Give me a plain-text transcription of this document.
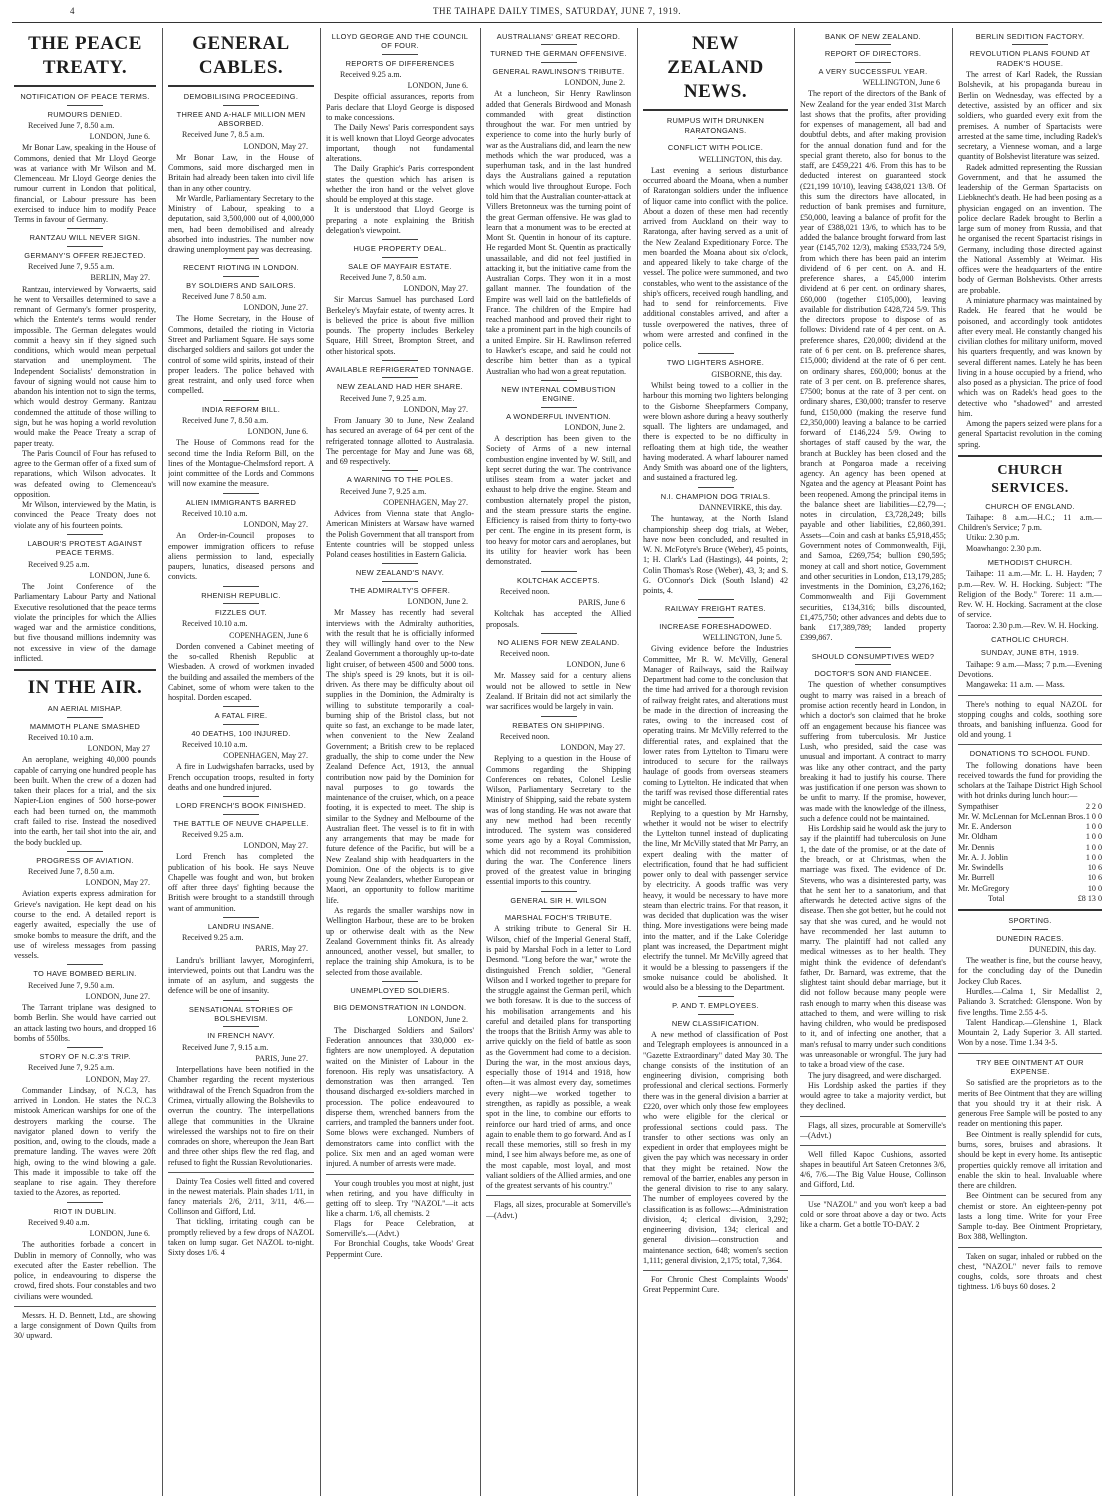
4	THE TAIHAPE DAILY TIMES, SATURDAY, JUNE 7, 1919.
THE PEACE TREATY.
NOTIFICATION OF PEACE TERMS.
RUMOURS DENIED.
Received June 7, 8.50 a.m.
LONDON, June 6.

Mr Bonar Law, speaking in the House of Commons, denied that Mr Lloyd George was at variance with Mr Wilson and M. Clemenceau. Mr Lloyd George denies the rumour current in London that political, financial, or Labour pressure has been exercised to induce him to modify Peace Terms in favour of Germany.

RANTZAU WILL NEVER SIGN.
GERMANY'S OFFER REJECTED.
Received June 7, 9.55 a.m.
BERLIN, May 27.

Rantzau, interviewed by Vorwaerts, said he went to Versailles determined to save a remnant of Germany's former prosperity, which the Entente's terms would render impossible. The German delegates would commit a heavy sin if they signed such conditions, which would mean perpetual starvation and unemployment. The Independent Socialists' demonstration in favour of signing would not cause him to abandon his intention not to sign the terms, which would destroy Germany. Rantzau condemned the attitude of those willing to sign, but he was hoping a world revolution would make the Peace Treaty a scrap of paper treaty.

The Paris Council of Four has refused to agree to the German offer of a fixed sum of reparations, which Wilson advocates. It was defeated owing to Clemenceau's opposition.

Mr Wilson, interviewed by the Matin, is convinced the Peace Treaty does not violate any of his fourteen points.

LABOUR'S PROTEST AGAINST PEACE TERMS.
Received 9.25 a.m.
LONDON, June 6.

The Joint Conference of the Parliamentary Labour Party and National Executive resolutioned that the peace terms violate the principles for which the Allies waged war and the armistice conditions, but five thousand millions indemnity was not excessive in view of the damage inflicted.

IN THE AIR.
AN AERIAL MISHAP.
MAMMOTH PLANE SMASHED
Received 10.10 a.m.
LONDON, May 27

An aeroplane, weighing 40,000 pounds capable of carrying one hundred people has been built. When the crew of a dozen had taken their places for a trial, and the six Napier-Lion engines of 500 horse-power each had been turned on, the mammoth craft failed to rise. Instead the nosedived into the earth, her tail shot into the air, and the body buckled up.

PROGRESS OF AVIATION.
Received June 7, 8.50 a.m.
LONDON, May 27.

Aviation experts express admiration for Grieve's navigation. He kept dead on his course to the end. A detailed report is eagerly awaited, especially the use of smoke bombs to measure the drift, and the use of wireless messages from passing vessels.

TO HAVE BOMBED BERLIN.
Received June 7, 9.50 a.m.
LONDON, June 27.

The Tarrant triplane was designed to bomb Berlin. She would have carried out an attack lasting two hours, and dropped 16 bombs of 550lbs.

STORY OF N.C.3'S TRIP.
Received June 7, 9.25 a.m.
LONDON, May 27.

Commander Lindsay, of N.C.3, has arrived in London. He states the N.C.3 mistook American warships for one of the destroyers marking the course. The navigator planed down to verify the position, and, owing to the clouds, made a premature landing. The waves were 20ft high, owing to the wind blowing a gale. This made it impossible to take off the seaplane to rise again. They therefore taxied to the Azores, as reported.

RIOT IN DUBLIN.
Received 9.40 a.m.
LONDON, June 6.

The authorities forbade a concert in Dublin in memory of Connolly, who was executed after the Easter rebellion. The police, in endeavouring to disperse the crowd, fired shots. Four constables and two civilians were wounded.

Messrs. H. D. Bennett, Ltd., are showing a large consignment of Down Quilts from 30/ upward.

GENERAL CABLES.
DEMOBILISING PROCEEDING.
THREE AND A-HALF MILLION MEN ABSORBED.
Received June 7, 8.5 a.m.
LONDON, May 27.

Mr Bonar Law, in the House of Commons, said more discharged men in Britain had already been taken into civil life than in any other country.

Mr Wardle, Parliamentary Secretary to the Ministry of Labour, speaking to a deputation, said 3,500,000 out of 4,000,000 men, had been demobilised and already absorbed into industries. The number now drawing unemployment pay was decreasing.

RECENT RIOTING IN LONDON.
BY SOLDIERS AND SAILORS.
Received June 7 8.50 a.m.
LONDON, June 27.

The Home Secretary, in the House of Commons, detailed the rioting in Victoria Street and Parliament Square. He says some discharged soldiers and sailors got under the control of some wild spirits, instead of their proper leaders. The police behaved with great restraint, and only used force when compelled.

INDIA REFORM BILL.
Received June 7, 8.50 a.m.
LONDON, June 6.

The House of Commons read for the second time the India Reform Bill, on the lines of the Montague-Chelmsford report. A joint committee of the Lords and Commons will now examine the measure.

ALIEN IMMIGRANTS BARRED
Received 10.10 a.m.
LONDON, May 27.

An Order-in-Council proposes to empower immigration officers to refuse aliens permission to land, especially paupers, lunatics, diseased persons and convicts.

RHENISH REPUBLIC.
FIZZLES OUT.
Received 10.10 a.m.
COPENHAGEN, June 6

Dorden convened a Cabinet meeting of the so-called Rhenish Republic at Wiesbaden. A crowd of workmen invaded the building and assailed the members of the Cabinet, some of whom were taken to the hospital. Dorden escaped.

A FATAL FIRE.
40 DEATHS, 100 INJURED.
Received 10.10 a.m.
COPENHAGEN, May 27.

A fire in Ludwigshafen barracks, used by French occupation troops, resulted in forty deaths and one hundred injured.

LORD FRENCH'S BOOK FINISHED.
THE BATTLE OF NEUVE CHAPELLE.
Received 9.25 a.m.
LONDON, May 27.

Lord French has completed the publication of his book. He says Neuve Chapelle was fought and won, but broken off after three days' fighting because the British were brought to a standstill through want of ammunition.

LANDRU INSANE.
Received 9.25 a.m.
PARIS, May 27.

Landru's brilliant lawyer, Moroginferri, interviewed, points out that Landru was the inmate of an asylum, and suggests the defence will be one of insanity.

SENSATIONAL STORIES OF BOLSHEVISM.
IN FRENCH NAVY.
Received June 7, 9.15 a.m.
PARIS, June 27.

Interpellations have been notified in the Chamber regarding the recent mysterious withdrawal of the French Squadron from the Crimea, virtually allowing the Bolsheviks to overrun the country. The interpellations allege that communities in the Ukraine wirelessed the warships not to fire on their comrades on shore, whereupon the Jean Bart and three other ships flew the red flag, and refused to fight the Russian Revolutionaries.

Dainty Tea Cosies well fitted and covered in the newest materials. Plain shades 1/11, in fancy materials 2/6, 2/11, 3/11, 4/6.—Collinson and Gifford, Ltd.

That tickling, irritating cough can be promptly relieved by a few drops of NAZOL taken on lump sugar. Get NAZOL to-night. Sixty doses 1/6. 4

LLOYD GEORGE AND THE COUNCIL OF FOUR.
REPORTS OF DIFFERENCES
Received 9.25 a.m.
LONDON, June 6.

Despite official assurances, reports from Paris declare that Lloyd George is disposed to make concessions.

The Daily News' Paris correspondent says it is well known that Lloyd George advocates important, though not fundamental alterations.

The Daily Graphic's Paris correspondent states the question which has arisen is whether the iron hand or the velvet glove should be employed at this stage.

It is understood that Lloyd George is preparing a note explaining the British delegation's viewpoint.

HUGE PROPERTY DEAL.
SALE OF MAYFAIR ESTATE.
Received June 7, 8.50 a.m.
LONDON, May 27.

Sir Marcus Samuel has purchased Lord Berkeley's Mayfair estate, of twenty acres. It is believed the price is about five million pounds. The property includes Berkeley Square, Hill Street, Brompton Street, and other historical spots.

AVAILABLE REFRIGERATED TONNAGE.
NEW ZEALAND HAD HER SHARE.
Received June 7, 9.25 a.m.
LONDON, May 27.

From January 30 to June, New Zealand has secured an average of 64 per cent of the refrigerated tonnage allotted to Australasia. The percentage for May and June was 68, and 69 respectively.

A WARNING TO THE POLES.
Received June 7, 9.25 a.m.
COPENHAGEN, May 27.

Advices from Vienna state that Anglo-American Ministers at Warsaw have warned the Polish Government that all transport from Entente countries will be stopped unless Poland ceases hostilities in Eastern Galicia.

NEW ZEALAND'S NAVY.
THE ADMIRALTY'S OFFER.
LONDON, June 2.

Mr Massey has recently had several interviews with the Admiralty authorities, with the result that he is officially informed they will willingly hand over to the New Zealand Government a thoroughly up-to-date light cruiser, of between 4500 and 5000 tons. The ship's speed is 29 knots, but it is oil-driven. As there may be difficulty about oil supplies in the Dominion, the Admiralty is willing to substitute temporarily a coal-burning ship of the Bristol class, but not quite so fast, an exchange to be made later, when convenient to the New Zealand Government; a British crew to be replaced gradually, the ship to come under the New Zealand Defence Act, 1913, the annual contribution now paid by the Dominion for naval purposes to go towards the maintenance of the cruiser, which, on a peace footing, it is expected to meet. The ship is similar to the Sydney and Melbourne of the Australian fleet. The vessel is to fit in with any arrangements that may be made for future defence of the Pacific, but will be a New Zealand ship with headquarters in the Dominion. One of the objects is to give young New Zealanders, whether European or Maori, an opportunity to follow maritime life.

As regards the smaller warships now in Wellington Harbour, these are to be broken up or otherwise dealt with as the New Zealand Government thinks fit. As already announced, another vessel, but smaller, to replace the training ship Amokura, is to be selected from those available.

UNEMPLOYED SOLDIERS.
BIG DEMONSTRATION IN LONDON.
LONDON, June 2.

The Discharged Soldiers and Sailors' Federation announces that 330,000 ex-fighters are now unemployed. A deputation waited on the Minister of Labour in the forenoon. His reply was unsatisfactory. A demonstration was then arranged. Ten thousand discharged ex-soldiers marched in procession. The police endeavoured to disperse them, wrenched banners from the carriers, and trampled the banners under foot. Some blows were exchanged. Numbers of demonstrators came into conflict with the police. Six men and an aged woman were injured. A number of arrests were made.

Your cough troubles you most at night, just when retiring, and you have difficulty in getting off to sleep. Try "NAZOL"—it acts like a charm. 1/6, all chemists. 2

Flags for Peace Celebration, at Somerville's.—(Advt.)

For Bronchial Coughs, take Woods' Great Peppermint Cure.

AUSTRALIANS' GREAT RECORD.
TURNED THE GERMAN OFFENSIVE.
GENERAL RAWLINSON'S TRIBUTE.
LONDON, June 2.

At a luncheon, Sir Henry Rawlinson added that Generals Birdwood and Monash commanded with great distinction throughout the war. For men untried by experience to come into the hurly burly of war as the Australians did, and learn the new methods which the war produced, was a superhuman task, and in the last hundred days the Australians gained a reputation which would live throughout Europe. Foch told him that the Australian counter-attack at Villers Bretonneux was the turning point of the great German offensive. He was glad to learn that a monument was to be erected at Mont St. Quentin in honour of its capture. He regarded Mont St. Quentin as practically unassailable, and did not feel justified in attacking it, but the initiative came from the Australian Corps. They won it in a most gallant manner. The foundation of the Empire was well laid on the battlefields of France. The children of the Empire had reached manhood and proved their right to take a prominent part in the high councils of a united Empire. Sir H. Rawlinson referred to Hawker's escape, and said he could not describe him better than as a typical Australian who had won a great reputation.

NEW INTERNAL COMBUSTION ENGINE.
A WONDERFUL INVENTION.
LONDON, June 2.

A description has been given to the Society of Arms of a new internal combustion engine invented by W. Still, and kept secret during the war. The contrivance utilises steam from a water jacket and exhaust to help drive the engine. Steam and combustion alternately propel the piston, and the steam pressure starts the engine. Efficiency is raised from thirty to forty-two per cent. The engine in its present form, is too heavy for motor cars and aeroplanes, but its utility for heavier work has been demonstrated.

KOLTCHAK ACCEPTS.
Received noon.
PARIS, June 6

Koltchak has accepted the Allied proposals.

NO ALIENS FOR NEW ZEALAND.
Received noon.
LONDON, June 6

Mr. Massey said for a century aliens would not be allowed to settle in New Zealand. If Britain did not act similarly the war sacrifices would be largely in vain.

REBATES ON SHIPPING.
Received noon.
LONDON, May 27.

Replying to a question in the House of Commons regarding the Shipping Conferences on rebates, Colonel Leslie Wilson, Parliamentary Secretary to the Ministry of Shipping, said the rebate system was of long standing. He was not aware that any new method had been recently introduced. The system was considered some years ago by a Royal Commission, which did not recommend its prohibition during the war. The Conference liners proved of the greatest value in bringing essential imports to this country.

GENERAL SIR H. WILSON
MARSHAL FOCH'S TRIBUTE.

A striking tribute to General Sir H. Wilson, chief of the Imperial General Staff, is paid by Marshal Foch in a letter to Lord Desmond. "Long before the war," wrote the distinguished French soldier, "General Wilson and I worked together to prepare for the struggle against the German peril, which we both foresaw. It is due to the success of his mobilisation arrangements and his careful and detailed plans for transporting the troops that the British Army was able to arrive quickly on the field of battle as soon as the Government had come to a decision. During the war, in the most anxious days, especially those of 1914 and 1918, how often—it was almost every day, sometimes every night—we worked together to strengthen, as rapidly as possible, a weak spot in the line, to combine our efforts to reinforce our hard tried of arms, and once again to enable them to go forward. And as I recall these memories, still so fresh in my mind, I see him always before me, as one of the most capable, most loyal, and most valiant soldiers of the Allied armies, and one of the greatest servants of his country."

Flags, all sizes, procurable at Somerville's—(Advt.)

NEW ZEALAND NEWS.
RUMPUS WITH DRUNKEN RARATONGANS.
CONFLICT WITH POLICE.
WELLINGTON, this day.

Last evening a serious disturbance occurred aboard the Moana, when a number of Raratongan soldiers under the influence of liquor came into conflict with the police. About a dozen of these men had recently arrived from Auckland on their way to Raratonga, after having served as a unit of the New Zealand Expeditionary Force. The men boarded the Moana about six o'clock, and appeared likely to take charge of the vessel. The police were summoned, and two constables, who went to the assistance of the ship's officers, received rough handling, and had to send for reinforcements. Five additional constables arrived, and after a tussle overpowered the natives, three of whom were arrested and confined in the police cells.

TWO LIGHTERS ASHORE.
GISBORNE, this day.

Whilst being towed to a collier in the harbour this morning two lighters belonging to the Gisborne Sheepfarmers Company, were blown ashore during a heavy southerly squall. The lighters are undamaged, and there is expected to be no difficulty in refloating them at high tide, the weather having moderated. A wharf labourer named Andy Smith was aboard one of the lighters, and sustained a fractured leg.

N.I. CHAMPION DOG TRIALS.
DANNEVIRKE, this day.

The huntaway, at the North Island championship sheep dog trials, at Weber, have now been concluded, and resulted in W. N. McFotyre's Bruce (Weber), 45 points, 1; H. Clark's Lad (Hastings), 44 points, 2; Colin Thomas's Rose (Weber), 43, 3; and S. G. O'Connor's Dick (South Island) 42 points, 4.

RAILWAY FREIGHT RATES.
INCREASE FORESHADOWED.
WELLINGTON, June 5.

Giving evidence before the Industries Committee, Mr R. W. McVilly, General Manager of Railways, said the Railway Department had come to the conclusion that the time had arrived for a thorough revision of railway freight rates, and alterations must be made in the direction of increasing the rates, owing to the increased cost of operating trains. Mr McVilly referred to the differential rates, and explained that the lower rates from Lyttelton to Timaru were introduced to secure for the railways haulage of goods from overseas steamers coming to Lyttelton. He indicated that when the tariff was revised those differential rates might be cancelled.

Replying to a question by Mr Harnsby, whether it would not be wiser to electrify the Lyttelton tunnel instead of duplicating the line, Mr McVilly stated that Mr Parry, an expert dealing with the matter of electrification, found that he had sufficient power only to deal with passenger service by electricity. A goods traffic was very heavy, it would be necessary to have more steam than electric trains. For that reason, it was decided that duplication was the wiser thing. More investigations were being made into the matter, and if the Lake Coleridge plant was increased, the Department might electrify the tunnel. Mr McVilly agreed that it would be a blessing to passengers if the smoke nuisance could be abolished. It would also be a blessing to the Department.

P. AND T. EMPLOYEES.
NEW CLASSIFICATION.

A new method of classification of Post and Telegraph employees is announced in a "Gazette Extraordinary" dated May 30. The change consists of the institution of an engineering division, comprising both professional and clerical sections. Formerly there was in the general division a barrier at £220, over which only those few employees who were eligible for the clerical or professional sections could pass. The transfer to other sections was only an expedient in order that employees might be given the pay which was necessary in order that they might be retained. Now the removal of the barrier, enables any person in the general division to rise to any salary. The number of employees covered by the classification is as follows:—Administration division, 4; clerical division, 3,292; engineering division, 134; clerical and general division—construction and maintenance section, 648; women's section 1,111; general division, 2,175; total, 7,364.

For Chronic Chest Complaints Woods' Great Peppermint Cure.

BANK OF NEW ZEALAND.
REPORT OF DIRECTORS.
A VERY SUCCESSFUL YEAR.
WELLINGTON, June 6

The report of the directors of the Bank of New Zealand for the year ended 31st March last shows that the profits, after providing for expenses of management, all bad and doubtful debts, and after making provision for the annual donation fund and for the special grant thereto, also for bonus to the staff, are £459,221 4/6. From this has to be deducted interest on guaranteed stock (£21,199 10/10), leaving £438,021 13/8. Of this sum the directors have allocated, in reduction of bank premises and furniture, £50,000, leaving a balance of profit for the year of £388,021 13/6, to which has to be added the balance brought forward from last year (£145,702 12/3), making £533,724 5/9, from which there has been paid an interim dividend of 6 per cent. on A. and H. preference shares, a £45,000 interim dividend at 6 per cent. on ordinary shares, £60,000 (together £105,000), leaving available for distribution £428,724 5/9. This the directors propose to dispose of as follows: Dividend rate of 4 per cent. on A. preference shares, £20,000; dividend at the rate of 6 per cent. on B. preference shares, £15,000; dividend at the rate of 6 per cent. on ordinary shares, £60,000; bonus at the rate of 3 per cent. on B. preference shares, £7500; bonus at the rate of 3 per cent. on ordinary shares, £30,000; transfer to reserve fund, £150,000 (making the reserve fund £2,350,000) leaving a balance to be carried forward of £146,224 5/9. Owing to shortages of staff caused by the war, the branch at Buckley has been closed and the branch at Pongaroa made a receiving agency. An agency has been opened at Ngatea and the agency at Pleasant Point has been reopened. Among the principal items in the balance sheet are liabilities—£2,79—; notes in circulation, £3,728,249; bills payable and other liabilities, £2,860,391. Assets—Coin and cash at banks £5,918,455; Government notes of Commonwealth, Fiji, and Samoa, £269,754; bullion £90,595; money at call and short notice, Government and other securities in London, £13,179,285; investments in the Dominion, £3,276,162; Commonwealth and Fiji Government securities, £134,316; bills discounted, £1,475,750; other advances and debts due to bank £17,389,789; landed property £399,867.

SHOULD CONSUMPTIVES WED?
DOCTOR'S SON AND FIANCEE.

The question of whether consumptives ought to marry was raised in a breach of promise action recently heard in London, in which a doctor's son claimed that he broke off an engagement because his fiancee was suffering from tuberculosis. Mr Justice Lush, who presided, said the case was unusual and important. A contract to marry was like any other contract, and the party breaking it had to justify his course. There was justification if one person was shown to be unfit to marry. If the promise, however, was made with the knowledge of the illness, such a defence could not be maintained.

His Lordship said he would ask the jury to say if the plaintiff had tuberculosis on June 1, the date of the promise, or at the date of the breach, or at Christmas, when the marriage was fixed. The evidence of Dr. Stevens, who was a disinterested party, was that he sent her to a sanatorium, and that afterwards he detected active signs of the disease. Then she got better, but he could not say that she was cured, and he would not have recommended her last autumn to marry. The plaintiff had not called any medical witnesses as to her health. They might think the evidence of defendant's father, Dr. Barnard, was extreme, that the slightest taint should debar marriage, but it did not follow because many people were rash enough to marry when this disease was attached to them, and were willing to risk having children, who would be predisposed to it, and of infecting one another, that a man's refusal to marry under such conditions was unreasonable or wrongful. The jury had to take a broad view of the case.

The jury disagreed, and were discharged.

His Lordship asked the parties if they would agree to take a majority verdict, but they declined.

Flags, all sizes, procurable at Somerville's—(Advt.)

Well filled Kapoc Cushions, assorted shapes in beautiful Art Sateen Cretonnes 3/6, 4/6, 7/6.—The Big Value House, Collinson and Gifford, Ltd.

Use "NAZOL" and you won't keep a bad cold or sore throat above a day or two. Acts like a charm. Get a bottle TO-DAY. 2

BERLIN SEDITION FACTORY.
REVOLUTION PLANS FOUND AT RADEK'S HOUSE.

The arrest of Karl Radek, the Russian Bolshevik, at his propaganda bureau in Berlin on Wednesday, was effected by a detective, assisted by an officer and six soldiers, who guarded every exit from the premises. A number of Spartacists were arrested at the same time, including Radek's secretary, a Viennese woman, and a large quantity of Bolshevist literature was seized.

Radek admitted representing the Russian Government, and that he assumed the leadership of the German Spartacists on Liebknecht's death. He had been posing as a physician engaged on an invention. The police declare Radek brought to Berlin a large sum of money from Russia, and that he organised the recent Spartacist risings in Germany, including those directed against the National Assembly at Weimar. His offices were the headquarters of the entire body of German Bolshevists. Other arrests are probable.

A miniature pharmacy was maintained by Radek. He feared that he would be poisoned, and accordingly took antidotes after every meal. He constantly changed his civilian clothes for military uniform, moved his quarters frequently, and was known by several different names. Lately he has been living in a house occupied by a friend, who also posed as a physician. The price of food which was on Radek's head goes to the detective who "shadowed" and arrested him.

Among the papers seized were plans for a general Spartacist revolution in the coming spring.

CHURCH SERVICES.
CHURCH OF ENGLAND.

Taihape: 8 a.m.—H.C.; 11 a.m.—Children's Service; 7 p.m.

Utiku: 2.30 p.m.

Moawhango: 2.30 p.m.

METHODIST CHURCH.

Taihape: 11 a.m.—Mr. L. H. Hayden; 7 p.m.—Rev. W. H. Hocking. Subject: "The Religion of the Body." Torere: 11 a.m.—Rev. W. H. Hocking. Sacrament at the close of service.

Taoroa: 2.30 p.m.—Rev. W. H. Hocking.

CATHOLIC CHURCH.
SUNDAY, JUNE 8TH, 1919.

Taihape: 9 a.m.—Mass; 7 p.m.—Evening Devotions.

Mangaweka: 11 a.m. — Mass.

There's nothing to equal NAZOL for stopping coughs and colds, soothing sore throats, and banishing influenza. Good for old and young. 1

DONATIONS TO SCHOOL FUND.

The following donations have been received towards the fund for providing the scholars at the Taihape District High School with hot drinks during lunch hour:—

Sympathiser	2 2 0
Mr. W. McLennan for McLennan Bros. 1 0 0
Mr. E. Anderson	1 0 0
Mr. Oldham	1 0 0
Mr. Dennis	1 0 0
Mr. A. J. Joblin	1 0 0
Mr. Swindells	10 6
Mr. Burrell	10 6
Mr. McGregory	10 0
Total	£8 13 0
SPORTING.
DUNEDIN RACES.
DUNEDIN, this day.

The weather is fine, but the course heavy, for the concluding day of the Dunedin Jockey Club Races.

Hurdles.—Calma 1, Sir Medallist 2, Paliando 3. Scratched: Glenspone. Won by five lengths. Time 2.55 4-5.

Talent Handicap.—Glenshine 1, Black Mountain 2, Lady Superior 3. All started. Won by a nose. Time 1.34 3-5.

TRY BEE OINTMENT AT OUR EXPENSE.

So satisfied are the proprietors as to the merits of Bee Ointment that they are willing that you should try it at their risk. A generous Free Sample will be posted to any reader on mentioning this paper.

Bee Ointment is really splendid for cuts, burns, sores, bruises and abrasions. It should be kept in every home. Its antiseptic properties quickly remove all irritation and enable the skin to heal. Invaluable where there are children.

Bee Ointment can be secured from any chemist or store. An eighteen-penny pot lasts a long time. Write for your Free Sample to-day. Bee Ointment Proprietary, Box 388, Wellington.

Taken on sugar, inhaled or rubbed on the chest, "NAZOL" never fails to remove coughs, colds, sore throats and chest tightness. 1/6 buys 60 doses. 2
